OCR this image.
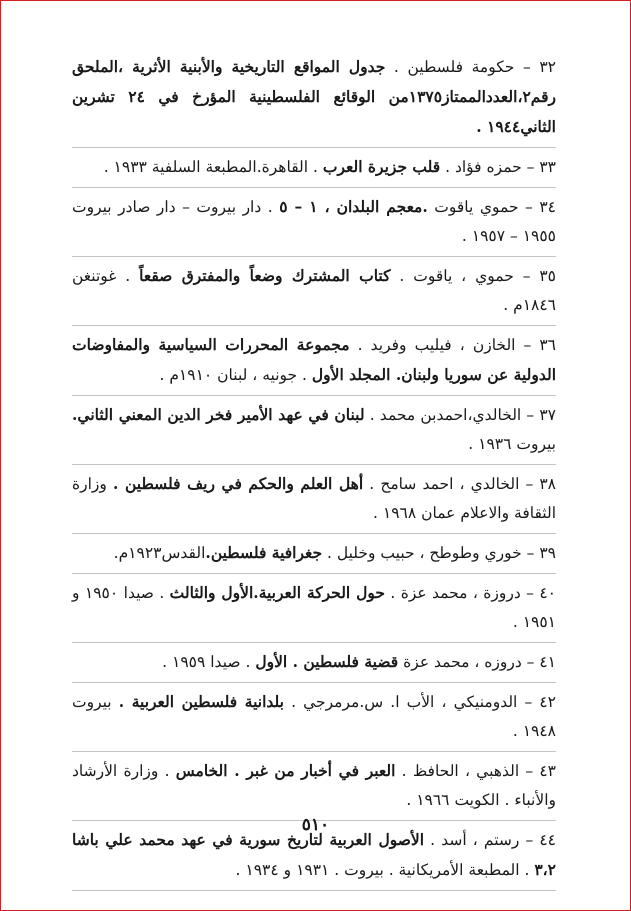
٣٢ – حكومة فلسطين . جدول المواقع التاريخية والأبنية الأثرية ،الملحق رقم٢،العددالممتاز١٣٧٥من الوقائع الفلسطينية المؤرخ في ٢٤ تشرين الثاني١٩٤٤ .
٣٣ – حمزه فؤاد . قلب جزيرة العرب . القاهرة.المطبعة السلفية ١٩٣٣ .
٣٤ – حموي ياقوت .معجم البلدان ، ١ – ٥ . دار بيروت – دار صادر بيروت ١٩٥٥ – ١٩٥٧ .
٣٥ – حموي ، ياقوت . كتاب المشترك وضعاً والمفترق صقعاً . غوتنغن ١٨٤٦م .
٣٦ – الخازن ، فيليب وفريد . مجموعة المحررات السياسية والمفاوضات الدولية عن سوريا ولبنان. المجلد الأول . جونيه ، لبنان ١٩١٠م .
٣٧ – الخالدي،احمدبن محمد . لبنان في عهد الأمير فخر الدين المعني الثاني. بيروت ١٩٣٦ .
٣٨ – الخالدي ، احمد سامح . أهل العلم والحكم في ريف فلسطين . وزارة الثقافة والاعلام عمان ١٩٦٨ .
٣٩ – خوري وطوطح ، حبيب وخليل . جغرافية فلسطين.القدس١٩٢٣م.
٤٠ – دروزة ، محمد عزة . حول الحركة العربية.الأول والثالث . صيدا ١٩٥٠ و ١٩٥١ .
٤١ – دروزه ، محمد عزة قضية فلسطين . الأول . صيدا ١٩٥٩ .
٤٢ – الدومنيكي ، الأب ا. س.مرمرجي . بلدانية فلسطين العربية . بيروت ١٩٤٨ .
٤٣ – الذهبي ، الحافظ . العبر في أخبار من غبر . الخامس . وزارة الأرشاد والأنباء . الكويت ١٩٦٦ .
٤٤ – رستم ، أسد . الأصول العربية لتاريخ سورية في عهد محمد علي باشا ٣،٢ . المطبعة الأمريكانية . بيروت . ١٩٣١ و ١٩٣٤ .
٥١٠
